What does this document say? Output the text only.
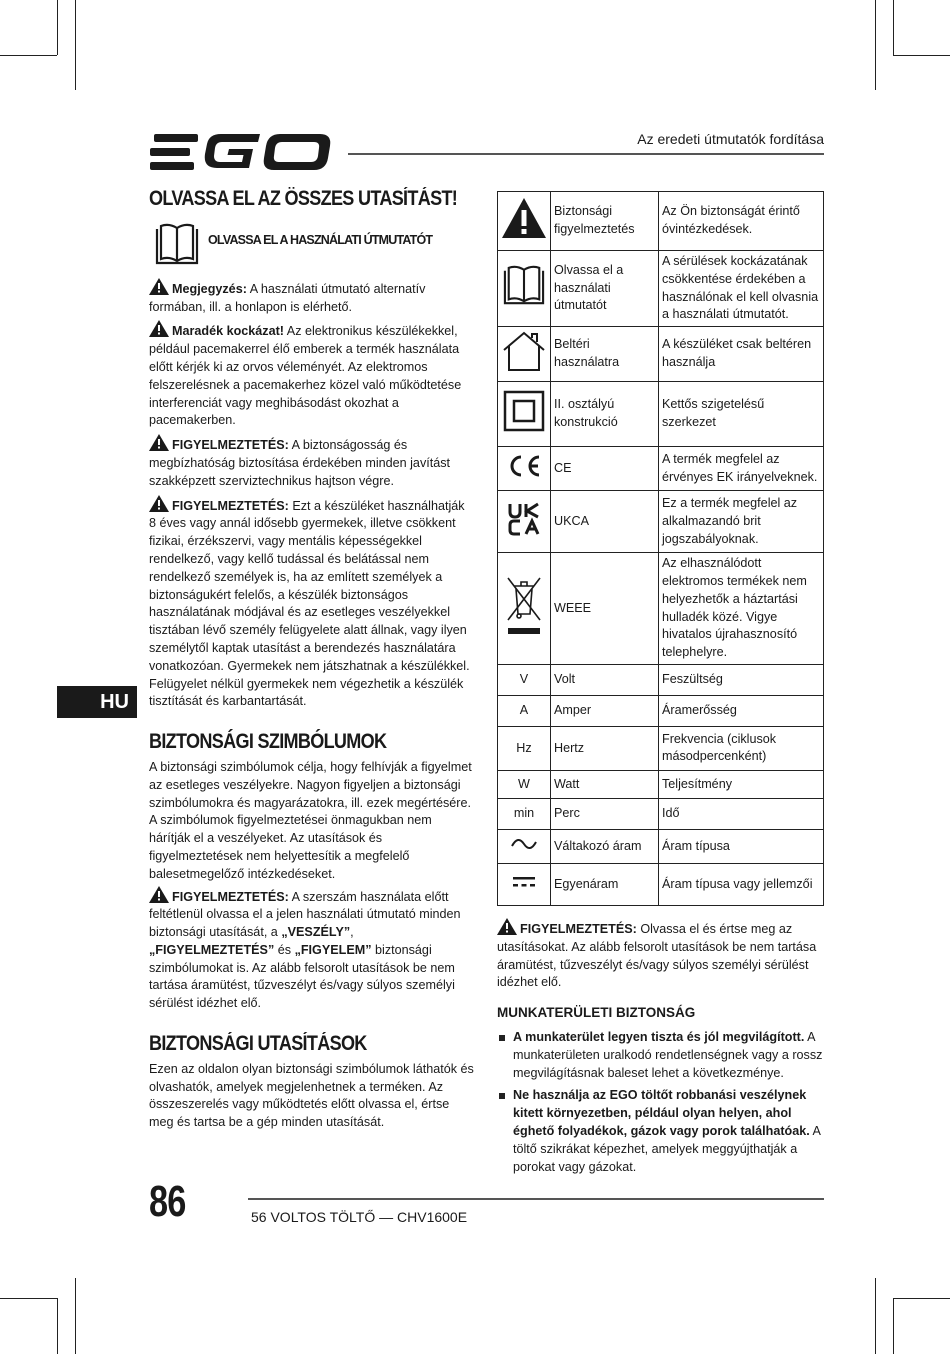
Az eredeti útmutatók fordítása
HU
OLVASSA EL AZ ÖSSZES UTASÍTÁST!
OLVASSA EL A HASZNÁLATI ÚTMUTATÓT

Megjegyzés: A használati útmutató alternatív formában, ill. a honlapon is elérhető.

Maradék kockázat! Az elektronikus készülékekkel, például pacemakerrel élő emberek a termék használata előtt kérjék ki az orvos véleményét. Az elektromos felszerelésnek a pacemakerhez közel való működtetése interferenciát vagy meghibásodást okozhat a pacemakerben.

FIGYELMEZTETÉS: A biztonságosság és megbízhatóság biztosítása érdekében minden javítást szakképzett szerviztechnikus hajtson végre.

FIGYELMEZTETÉS: Ezt a készüléket használhatják 8 éves vagy annál idősebb gyermekek, illetve csökkent fizikai, érzékszervi, vagy mentális képességekkel rendelkező, vagy kellő tudással és belátással nem rendelkező személyek is, ha az említett személyek a biztonságukért felelős, a készülék biztonságos használatának módjával és az esetleges veszélyekkel tisztában lévő személy felügyelete alatt állnak, vagy ilyen személytől kaptak utasítást a berendezés használatára vonatkozóan. Gyermekek nem játszhatnak a készülékkel. Felügyelet nélkül gyermekek nem végezhetik a készülék tisztítását és karbantartását.

BIZTONSÁGI SZIMBÓLUMOK

A biztonsági szimbólumok célja, hogy felhívják a figyelmet az esetleges veszélyekre. Nagyon figyeljen a biztonsági szimbólumokra és magyarázatokra, ill. ezek megértésére. A szimbólumok figyelmeztetései önmagukban nem hárítják el a veszélyeket. Az utasítások és figyelmeztetések nem helyettesítik a megfelelő balesetmegelőző intézkedéseket.

FIGYELMEZTETÉS: A szerszám használata előtt feltétlenül olvassa el a jelen használati útmutató minden biztonsági utasítását, a „VESZÉLY”, „FIGYELMEZTETÉS” és „FIGYELEM” biztonsági szimbólumokat is. Az alább felsorolt utasítások be nem tartása áramütést, tűzveszélyt és/vagy súlyos személyi sérülést idézhet elő.

BIZTONSÁGI UTASÍTÁSOK

Ezen az oldalon olyan biztonsági szimbólumok láthatók és olvashatók, amelyek megjelenhetnek a terméken. Az összeszerelés vagy működtetés előtt olvassa el, értse meg és tartsa be a gép minden utasítását.

	Biztonsági figyelmeztetés	Az Ön biztonságát érintő óvintézkedések.
	Olvassa el a használati útmutatót	A sérülések kockázatának csökkentése érdekében a használónak el kell olvasnia a használati útmutatót.
	Beltéri használatra	A készüléket csak beltéren használja
	II. osztályú konstrukció	Kettős szigetelésű szerkezet
	CE	A termék megfelel az érvényes EK irányelveknek.
	UKCA	Ez a termék megfelel az alkalmazandó brit jogszabályoknak.
	WEEE	Az elhasználódott elektromos termékek nem helyezhetők a háztartási hulladék közé. Vigye hivatalos újrahasznosító telephelyre.
V	Volt	Feszültség
A	Amper	Áramerősség
Hz	Hertz	Frekvencia (ciklusok másodpercenként)
W	Watt	Teljesítmény
min	Perc	Idő
	Váltakozó áram	Áram típusa
	Egyenáram	Áram típusa vagy jellemzői

FIGYELMEZTETÉS: Olvassa el és értse meg az utasításokat. Az alább felsorolt utasítások be nem tartása áramütést, tűzveszélyt és/vagy súlyos személyi sérülést idézhet elő.

MUNKATERÜLETI BIZTONSÁG
A munkaterület legyen tiszta és jól megvilágított. A munkaterületen uralkodó rendetlenségnek vagy a rossz megvilágításnak baleset lehet a következménye.
Ne használja az EGO töltőt robbanási veszélynek kitett környezetben, például olyan helyen, ahol éghető folyadékok, gázok vagy porok találhatóak. A töltő szikrákat képezhet, amelyek meggyújthatják a porokat vagy gázokat.
86	56 VOLTOS TÖLTŐ — CHV1600E
